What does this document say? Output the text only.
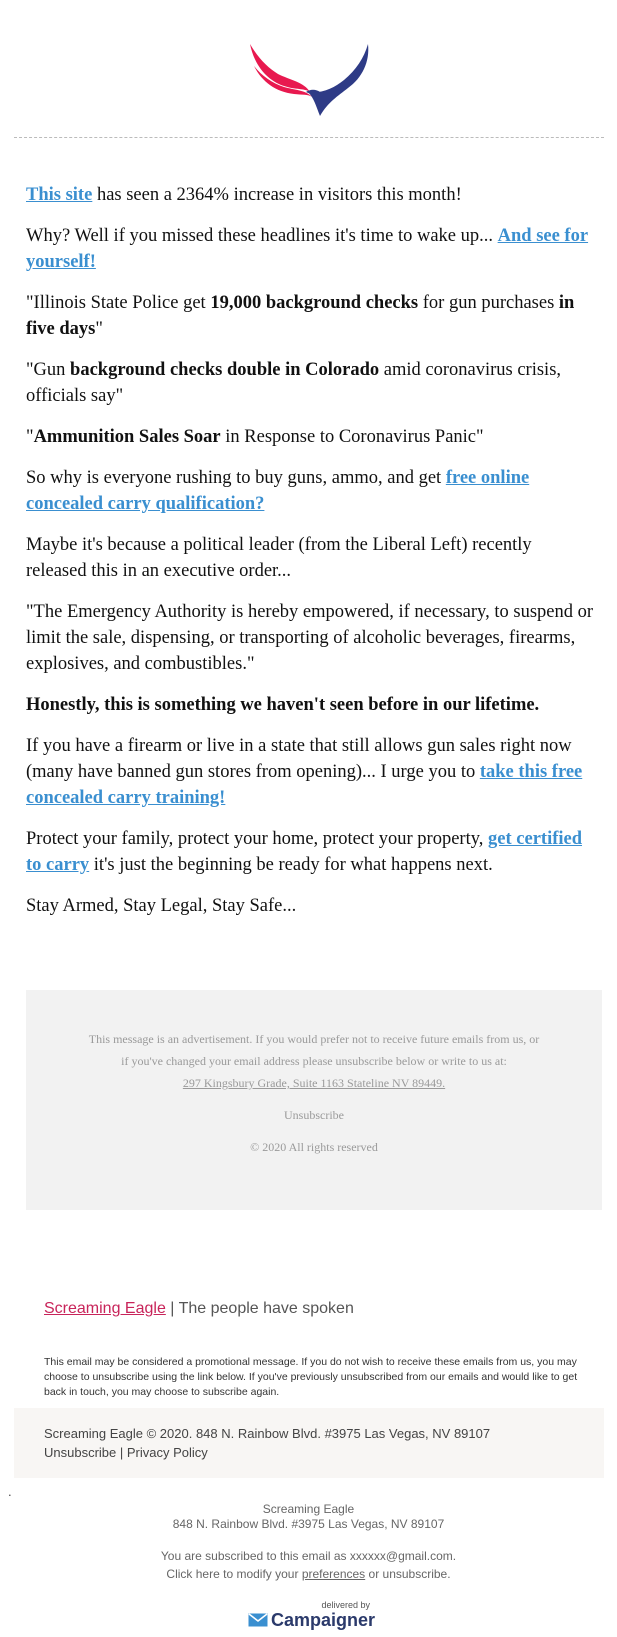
This site has seen a 2364% increase in visitors this month!

Why? Well if you missed these headlines it's time to wake up... And see for yourself!

"Illinois State Police get 19,000 background checks for gun purchases in five days"

"Gun background checks double in Colorado amid coronavirus crisis, officials say"

"Ammunition Sales Soar in Response to Coronavirus Panic"

So why is everyone rushing to buy guns, ammo, and get free online concealed carry qualification?

Maybe it's because a political leader (from the Liberal Left) recently released this in an executive order...

"The Emergency Authority is hereby empowered, if necessary, to suspend or limit the sale, dispensing, or transporting of alcoholic beverages, firearms, explosives, and combustibles."

Honestly, this is something we haven't seen before in our lifetime.

If you have a firearm or live in a state that still allows gun sales right now (many have banned gun stores from opening)... I urge you to take this free concealed carry training!

Protect your family, protect your home, protect your property, get certified to carry it's just the beginning be ready for what happens next.

Stay Armed, Stay Legal, Stay Safe...

This message is an advertisement. If you would prefer not to receive future emails from us, or if you've changed your email address please unsubscribe below or write to us at:
297 Kingsbury Grade, Suite 1163 Stateline NV 89449.
Unsubscribe
© 2020 All rights reserved
Screaming Eagle | The people have spoken
This email may be considered a promotional message. If you do not wish to receive these emails from us, you may choose to unsubscribe using the link below. If you've previously unsubscribed from our emails and would like to get back in touch, you may choose to subscribe again.
Screaming Eagle © 2020. 848 N. Rainbow Blvd. #3975 Las Vegas, NV 89107
Unsubscribe | Privacy Policy
.
Screaming Eagle
848 N. Rainbow Blvd. #3975 Las Vegas, NV 89107
You are subscribed to this email as xxxxxx@gmail.com.
Click here to modify your preferences or unsubscribe.
delivered by
Campaigner
